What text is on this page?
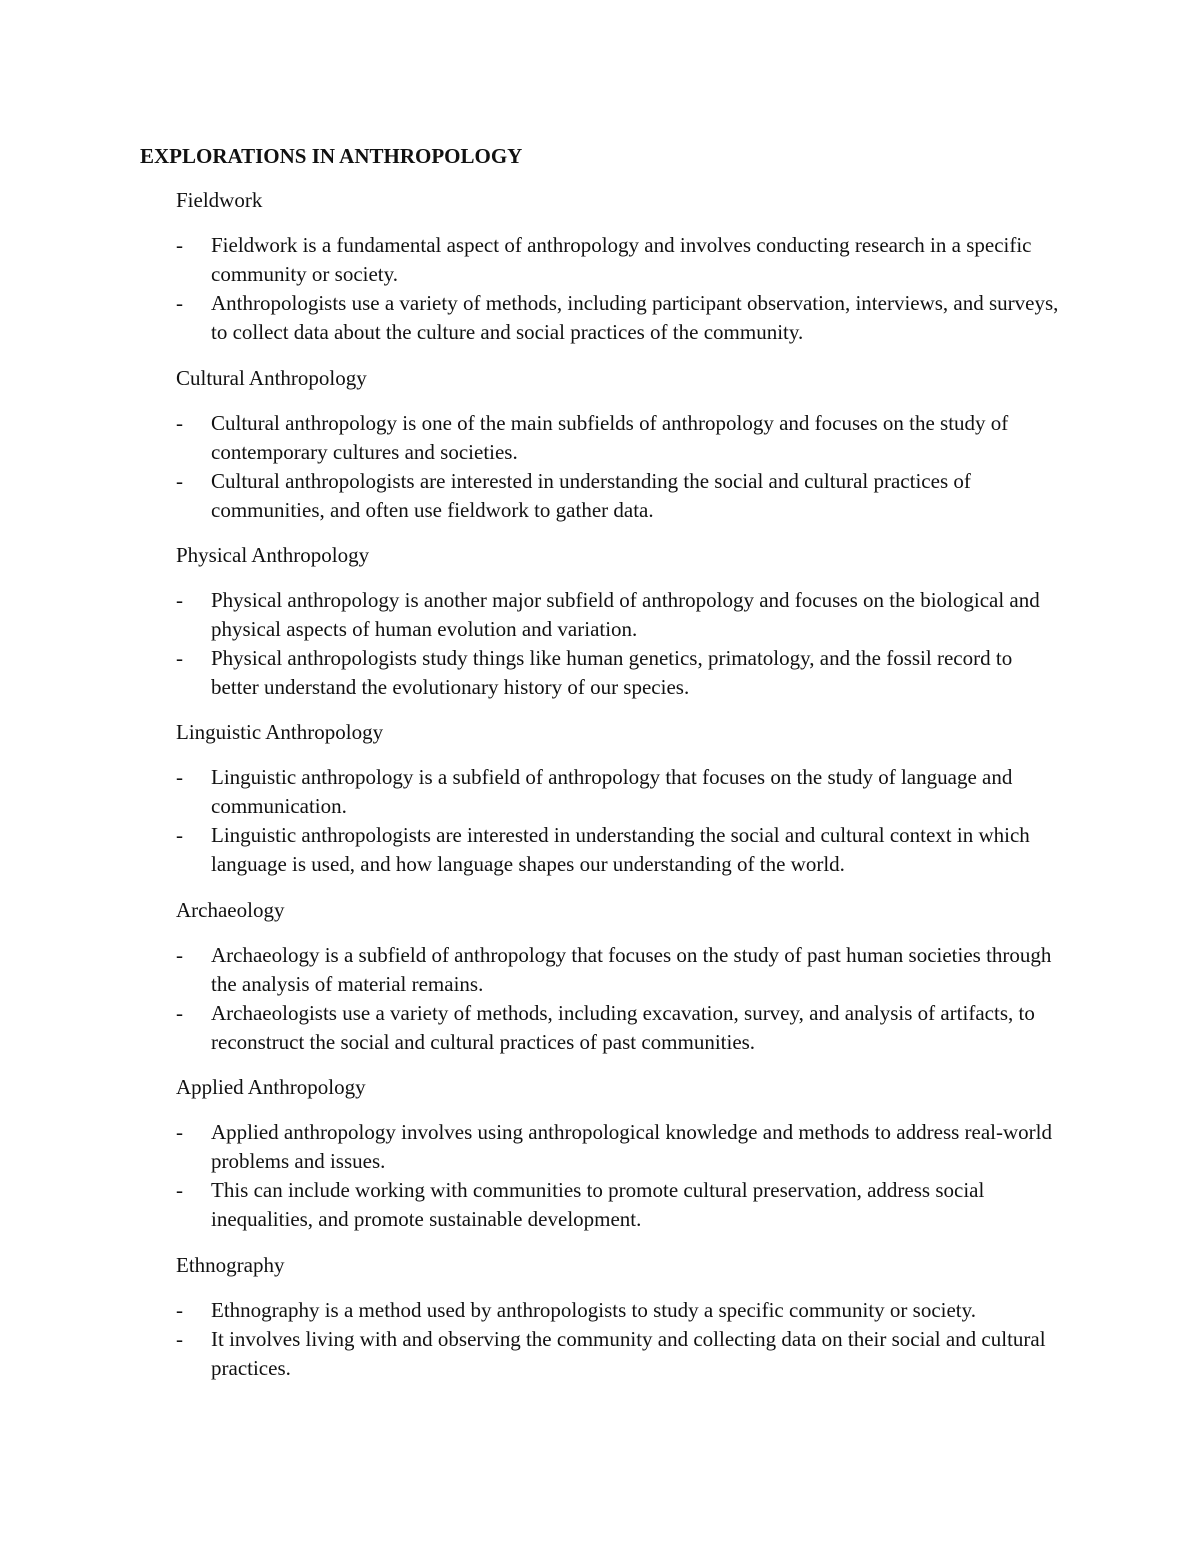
EXPLORATIONS IN ANTHROPOLOGY
Fieldwork
- Fieldwork is a fundamental aspect of anthropology and involves conducting research in a specific community or society.
- Anthropologists use a variety of methods, including participant observation, interviews, and surveys, to collect data about the culture and social practices of the community.
Cultural Anthropology
- Cultural anthropology is one of the main subfields of anthropology and focuses on the study of contemporary cultures and societies.
- Cultural anthropologists are interested in understanding the social and cultural practices of communities, and often use fieldwork to gather data.
Physical Anthropology
- Physical anthropology is another major subfield of anthropology and focuses on the biological and physical aspects of human evolution and variation.
- Physical anthropologists study things like human genetics, primatology, and the fossil record to better understand the evolutionary history of our species.
Linguistic Anthropology
- Linguistic anthropology is a subfield of anthropology that focuses on the study of language and communication.
- Linguistic anthropologists are interested in understanding the social and cultural context in which language is used, and how language shapes our understanding of the world.
Archaeology
- Archaeology is a subfield of anthropology that focuses on the study of past human societies through the analysis of material remains.
- Archaeologists use a variety of methods, including excavation, survey, and analysis of artifacts, to reconstruct the social and cultural practices of past communities.
Applied Anthropology
- Applied anthropology involves using anthropological knowledge and methods to address real-world problems and issues.
- This can include working with communities to promote cultural preservation, address social inequalities, and promote sustainable development.
Ethnography
- Ethnography is a method used by anthropologists to study a specific community or society.
- It involves living with and observing the community and collecting data on their social and cultural practices.
